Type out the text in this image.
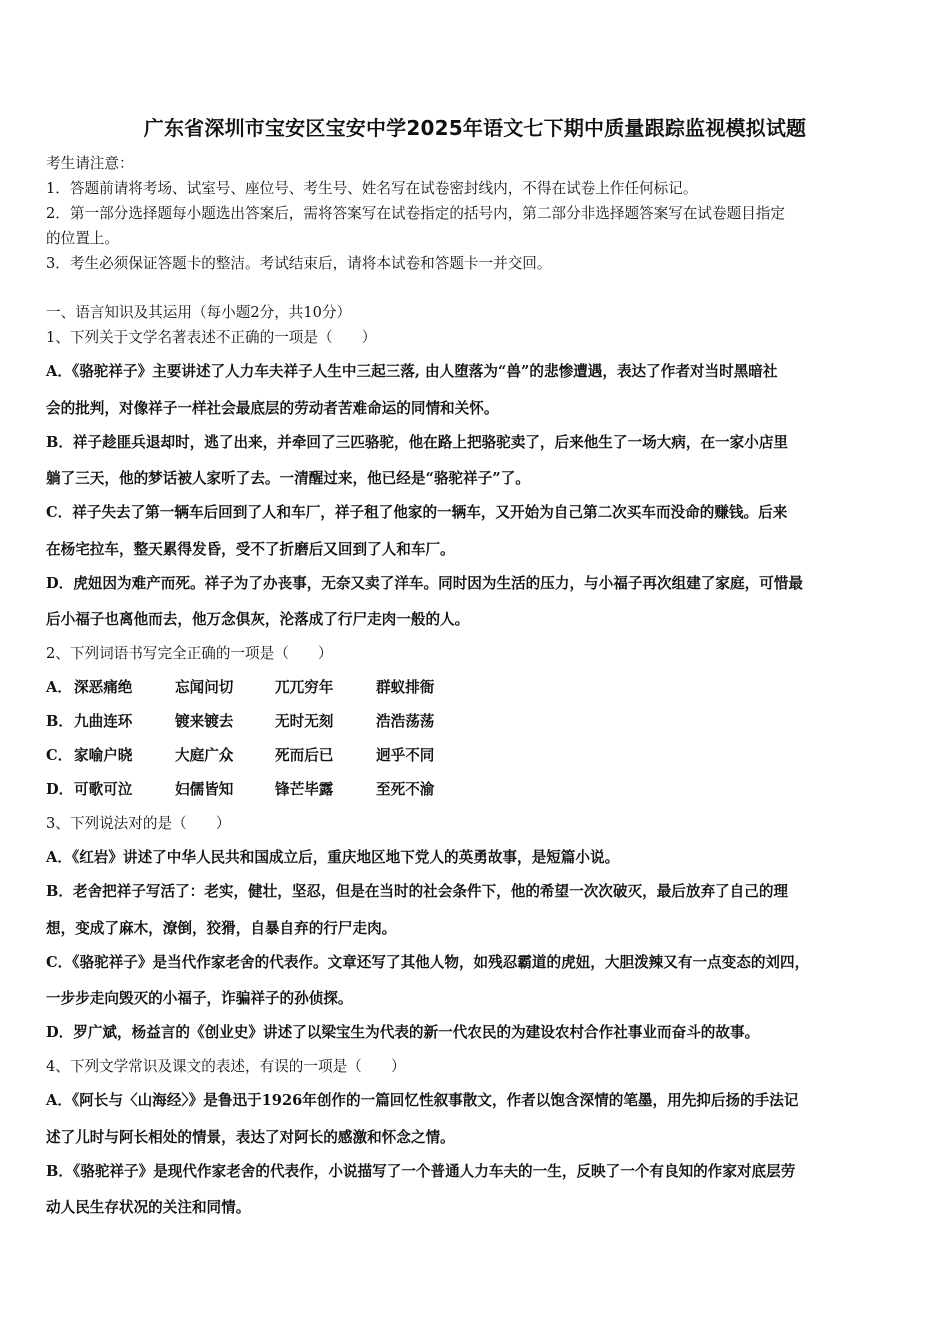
广东省深圳市宝安区宝安中学2025年语文七下期中质量跟踪监视模拟试题
考生请注意：
1．答题前请将考场、试室号、座位号、考生号、姓名写在试卷密封线内，不得在试卷上作任何标记。
2．第一部分选择题每小题选出答案后，需将答案写在试卷指定的括号内，第二部分非选择题答案写在试卷题目指定
的位置上。
3．考生必须保证答题卡的整洁。考试结束后，请将本试卷和答题卡一并交回。
一、语言知识及其运用（每小题2分，共10分）
1、下列关于文学名著表述不正确的一项是（　　）
A．《骆驼祥子》主要讲述了人力车夫祥子人生中三起三落, 由人堕落为“兽”的悲惨遭遇，表达了作者对当时黑暗社
会的批判，对像祥子一样社会最底层的劳动者苦难命运的同情和关怀。
B．祥子趁匪兵退却时，逃了出来，并牵回了三匹骆驼，他在路上把骆驼卖了，后来他生了一场大病，在一家小店里
躺了三天，他的梦话被人家听了去。一清醒过来，他已经是“骆驼祥子”了。
C．祥子失去了第一辆车后回到了人和车厂，祥子租了他家的一辆车，又开始为自己第二次买车而没命的赚钱。后来
在杨宅拉车，整天累得发昏，受不了折磨后又回到了人和车厂。
D．虎妞因为难产而死。祥子为了办丧事，无奈又卖了洋车。同时因为生活的压力，与小福子再次组建了家庭，可惜最
后小福子也离他而去，他万念俱灰，沦落成了行尸走肉一般的人。
2、下列词语书写完全正确的一项是（　　）
A． 深恶痛绝	忘闻问切	兀兀穷年	群蚁排衙
B． 九曲连环	镀来镀去	无时无刻	浩浩荡荡
C． 家喻户晓	大庭广众	死而后已	迥乎不同
D． 可歌可泣	妇儒皆知	锋芒毕露	至死不渝
3、下列说法对的是（　　）
A．《红岩》讲述了中华人民共和国成立后，重庆地区地下党人的英勇故事，是短篇小说。
B．老舍把祥子写活了：老实，健壮，坚忍，但是在当时的社会条件下，他的希望一次次破灭，最后放弃了自己的理
想，变成了麻木，潦倒，狡猾，自暴自弃的行尸走肉。
C．《骆驼祥子》是当代作家老舍的代表作。文章还写了其他人物，如残忍霸道的虎妞，大胆泼辣又有一点变态的刘四，
一步步走向毁灭的小福子，诈骗祥子的孙侦探。
D．罗广斌，杨益言的《创业史》讲述了以梁宝生为代表的新一代农民的为建设农村合作社事业而奋斗的故事。
4、下列文学常识及课文的表述，有误的一项是（　　）
A．《阿长与〈山海经〉》是鲁迅于1926年创作的一篇回忆性叙事散文，作者以饱含深情的笔墨，用先抑后扬的手法记
述了儿时与阿长相处的情景，表达了对阿长的感激和怀念之情。
B．《骆驼祥子》是现代作家老舍的代表作，小说描写了一个普通人力车夫的一生，反映了一个有良知的作家对底层劳
动人民生存状况的关注和同情。
